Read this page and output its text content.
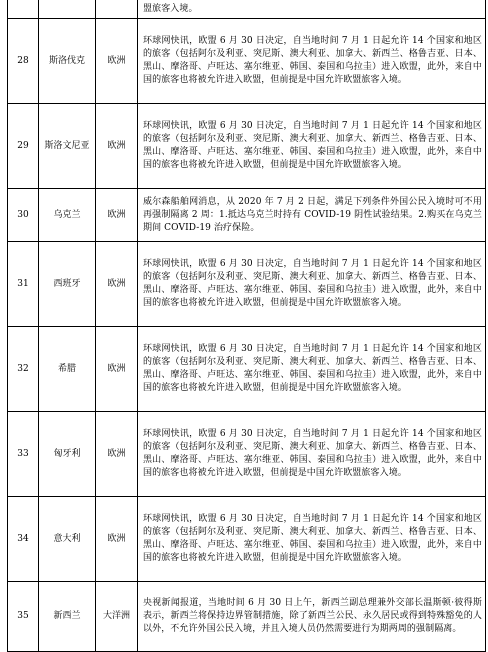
			盟旅客入境。
28	斯洛伐克	欧洲	环球网快讯，欧盟 6 月 30 日决定，自当地时间 7 月 1 日起允许 14 个国家和地区的旅客（包括阿尔及利亚、突尼斯、澳大利亚、加拿大、新西兰、格鲁吉亚、日本、黑山、摩洛哥、卢旺达、塞尔维亚、韩国、泰国和乌拉圭）进入欧盟，此外，来自中国的旅客也将被允许进入欧盟，但前提是中国允许欧盟旅客入境。
29	斯洛文尼亚	欧洲	环球网快讯，欧盟 6 月 30 日决定，自当地时间 7 月 1 日起允许 14 个国家和地区的旅客（包括阿尔及利亚、突尼斯、澳大利亚、加拿大、新西兰、格鲁吉亚、日本、黑山、摩洛哥、卢旺达、塞尔维亚、韩国、泰国和乌拉圭）进入欧盟，此外，来自中国的旅客也将被允许进入欧盟，但前提是中国允许欧盟旅客入境。
30	乌克兰	欧洲	威尔森船舶网消息，从 2020 年 7 月 2 日起，满足下列条件外国公民入境时可不用再强制隔离 2 周：1.抵达乌克兰时持有 COVID-19 阴性试验结果。2.购买在乌克兰期间 COVID-19 治疗保险。
31	西班牙	欧洲	环球网快讯，欧盟 6 月 30 日决定，自当地时间 7 月 1 日起允许 14 个国家和地区的旅客（包括阿尔及利亚、突尼斯、澳大利亚、加拿大、新西兰、格鲁吉亚、日本、黑山、摩洛哥、卢旺达、塞尔维亚、韩国、泰国和乌拉圭）进入欧盟，此外，来自中国的旅客也将被允许进入欧盟，但前提是中国允许欧盟旅客入境。
32	希腊	欧洲	环球网快讯，欧盟 6 月 30 日决定，自当地时间 7 月 1 日起允许 14 个国家和地区的旅客（包括阿尔及利亚、突尼斯、澳大利亚、加拿大、新西兰、格鲁吉亚、日本、黑山、摩洛哥、卢旺达、塞尔维亚、韩国、泰国和乌拉圭）进入欧盟，此外，来自中国的旅客也将被允许进入欧盟，但前提是中国允许欧盟旅客入境。
33	匈牙利	欧洲	环球网快讯，欧盟 6 月 30 日决定，自当地时间 7 月 1 日起允许 14 个国家和地区的旅客（包括阿尔及利亚、突尼斯、澳大利亚、加拿大、新西兰、格鲁吉亚、日本、黑山、摩洛哥、卢旺达、塞尔维亚、韩国、泰国和乌拉圭）进入欧盟，此外，来自中国的旅客也将被允许进入欧盟，但前提是中国允许欧盟旅客入境。
34	意大利	欧洲	环球网快讯，欧盟 6 月 30 日决定，自当地时间 7 月 1 日起允许 14 个国家和地区的旅客（包括阿尔及利亚、突尼斯、澳大利亚、加拿大、新西兰、格鲁吉亚、日本、黑山、摩洛哥、卢旺达、塞尔维亚、韩国、泰国和乌拉圭）进入欧盟，此外，来自中国的旅客也将被允许进入欧盟，但前提是中国允许欧盟旅客入境。
35	新西兰	大洋洲	央视新闻报道，当地时间 6 月 30 日上午，新西兰副总理兼外交部长温斯顿·彼得斯表示，新西兰将保持边界管制措施，除了新西兰公民、永久居民或得到特殊豁免的人以外，不允许外国公民入境，并且入境人员仍然需要进行为期两周的强制隔离。
